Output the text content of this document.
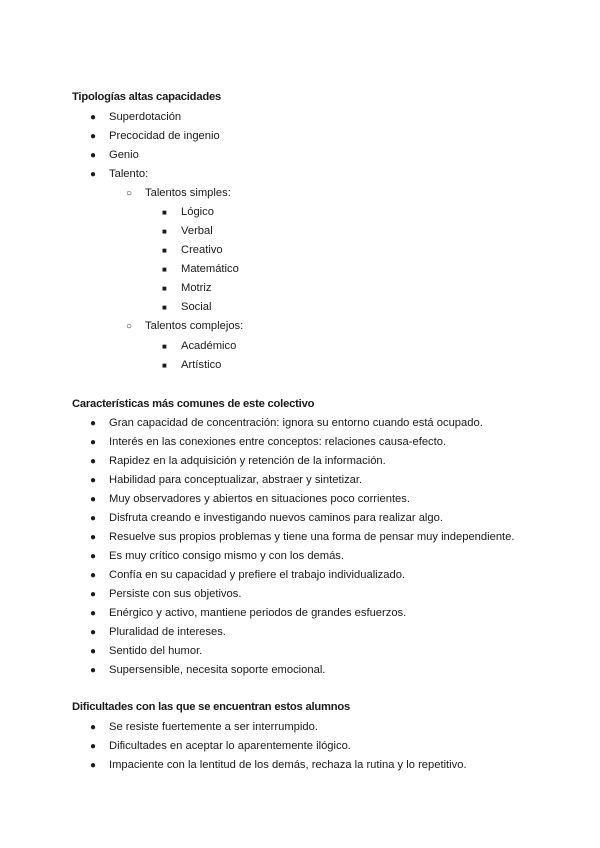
Tipologías altas capacidades
●	Superdotación
●	Precocidad de ingenio
●	Genio
●	Talento:
○	Talentos simples:
■	Lógico
■	Verbal
■	Creativo
■	Matemático
■	Motriz
■	Social
○	Talentos complejos:
■	Académico
■	Artístico
Características más comunes de este colectivo
●	Gran capacidad de concentración: ignora su entorno cuando está ocupado.
●	Interés en las conexiones entre conceptos: relaciones causa-efecto.
●	Rapidez en la adquisición y retención de la información.
●	Habilidad para conceptualizar, abstraer y sintetizar.
●	Muy observadores y abiertos en situaciones poco corrientes.
●	Disfruta creando e investigando nuevos caminos para realizar algo.
●	Resuelve sus propios problemas y tiene una forma de pensar muy independiente.
●	Es muy crítico consigo mismo y con los demás.
●	Confía en su capacidad y prefiere el trabajo individualizado.
●	Persiste con sus objetivos.
●	Enérgico y activo, mantiene periodos de grandes esfuerzos.
●	Pluralidad de intereses.
●	Sentido del humor.
●	Supersensible, necesita soporte emocional.
Dificultades con las que se encuentran estos alumnos
●	Se resiste fuertemente a ser interrumpido.
●	Dificultades en aceptar lo aparentemente ilógico.
●	Impaciente con la lentitud de los demás, rechaza la rutina y lo repetitivo.
